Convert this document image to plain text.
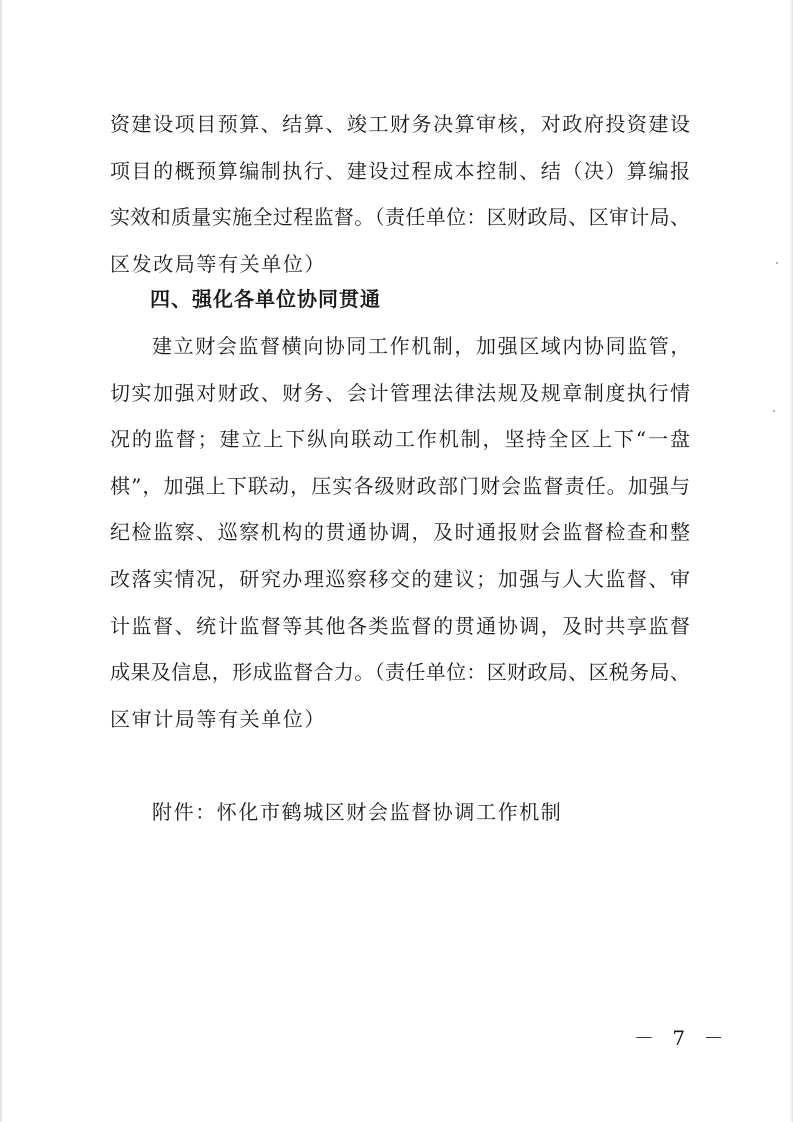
资建设项目预算、结算、竣工财务决算审核，对政府投资建设
项目的概预算编制执行、建设过程成本控制、结（决）算编报
实效和质量实施全过程监督。（责任单位：区财政局、区审计局、
区发改局等有关单位）
四、强化各单位协同贯通
建立财会监督横向协同工作机制，加强区域内协同监管，
切实加强对财政、财务、会计管理法律法规及规章制度执行情
况的监督；建立上下纵向联动工作机制，坚持全区上下“一盘
棋”，加强上下联动，压实各级财政部门财会监督责任。加强与
纪检监察、巡察机构的贯通协调，及时通报财会监督检查和整
改落实情况，研究办理巡察移交的建议；加强与人大监督、审
计监督、统计监督等其他各类监督的贯通协调，及时共享监督
成果及信息，形成监督合力。（责任单位：区财政局、区税务局、
区审计局等有关单位）
附件：怀化市鹤城区财会监督协调工作机制
－ 7 －
